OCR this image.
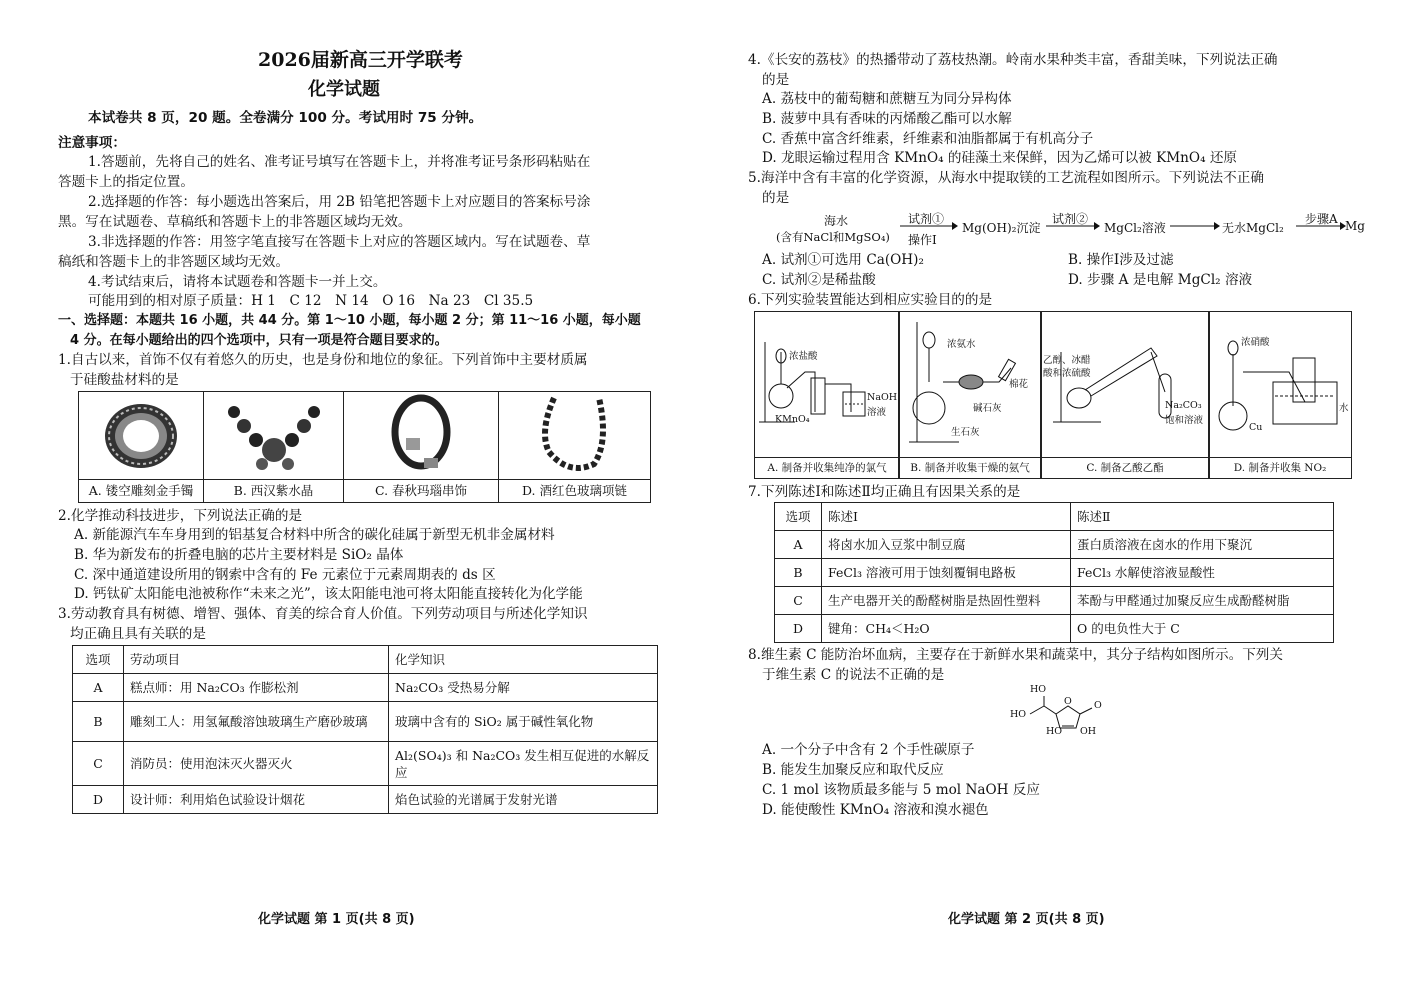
2026届新高三开学联考
化学试题
本试卷共 8 页，20 题。全卷满分 100 分。考试用时 75 分钟。
注意事项：
1.答题前，先将自己的姓名、准考证号填写在答题卡上，并将准考证号条形码粘贴在
答题卡上的指定位置。
2.选择题的作答：每小题选出答案后，用 2B 铅笔把答题卡上对应题目的答案标号涂
黑。写在试题卷、草稿纸和答题卡上的非答题区域均无效。
3.非选择题的作答：用签字笔直接写在答题卡上对应的答题区域内。写在试题卷、草
稿纸和答题卡上的非答题区域均无效。
4.考试结束后，请将本试题卷和答题卡一并上交。
可能用到的相对原子质量：H 1　C 12　N 14　O 16　Na 23　Cl 35.5
一、选择题：本题共 16 小题，共 44 分。第 1～10 小题，每小题 2 分；第 11～16 小题，每小题
4 分。在每小题给出的四个选项中，只有一项是符合题目要求的。
1.自古以来，首饰不仅有着悠久的历史，也是身份和地位的象征。下列首饰中主要材质属
于硅酸盐材料的是
A. 镂空雕刻金手镯	B. 西汉紫水晶	C. 春秋玛瑙串饰	D. 酒红色玻璃项链
2.化学推动科技进步，下列说法正确的是
A. 新能源汽车车身用到的铝基复合材料中所含的碳化硅属于新型无机非金属材料
B. 华为新发布的折叠电脑的芯片主要材料是 SiO₂ 晶体
C. 深中通道建设所用的钢索中含有的 Fe 元素位于元素周期表的 ds 区
D. 钙钛矿太阳能电池被称作“未来之光”，该太阳能电池可将太阳能直接转化为化学能
3.劳动教育具有树德、增智、强体、育美的综合育人价值。下列劳动项目与所述化学知识
均正确且具有关联的是
选项	劳动项目	化学知识
A	糕点师：用 Na₂CO₃ 作膨松剂	Na₂CO₃ 受热易分解
B	雕刻工人：用氢氟酸溶蚀玻璃生产磨砂玻璃	玻璃中含有的 SiO₂ 属于碱性氧化物
C	消防员：使用泡沫灭火器灭火	Al₂(SO₄)₃ 和 Na₂CO₃ 发生相互促进的水解反应
D	设计师：利用焰色试验设计烟花	焰色试验的光谱属于发射光谱
化学试题 第 1 页(共 8 页)
4.《长安的荔枝》的热播带动了荔枝热潮。岭南水果种类丰富，香甜美味，下列说法正确
的是
A. 荔枝中的葡萄糖和蔗糖互为同分异构体
B. 菠萝中具有香味的丙烯酸乙酯可以水解
C. 香蕉中富含纤维素，纤维素和油脂都属于有机高分子
D. 龙眼运输过程用含 KMnO₄ 的硅藻土来保鲜，因为乙烯可以被 KMnO₄ 还原
5.海洋中含有丰富的化学资源，从海水中提取镁的工艺流程如图所示。下列说法不正确
的是
海水
(含有NaCl和MgSO₄)
试剂①
操作Ⅰ
Mg(OH)₂沉淀
试剂②
MgCl₂溶液	无水MgCl₂
步骤A Mg
A. 试剂①可选用 Ca(OH)₂	B. 操作Ⅰ涉及过滤
C. 试剂②是稀盐酸	D. 步骤 A 是电解 MgCl₂ 溶液
6.下列实验装置能达到相应实验目的的是
浓盐酸
KMnO₄
NaOH
溶液
A. 制备并收集纯净的氯气
浓氨水
棉花
碱石灰
生石灰
B. 制备并收集干燥的氨气
乙醇、冰醋
酸和浓硫酸
Na₂CO₃
饱和溶液
C. 制备乙酸乙酯
浓硝酸
Cu
水
D. 制备并收集 NO₂
7.下列陈述Ⅰ和陈述Ⅱ均正确且有因果关系的是
选项	陈述Ⅰ	陈述Ⅱ
A	将卤水加入豆浆中制豆腐	蛋白质溶液在卤水的作用下聚沉
B	FeCl₃ 溶液可用于蚀刻覆铜电路板	FeCl₃ 水解使溶液显酸性
C	生产电器开关的酚醛树脂是热固性塑料	苯酚与甲醛通过加聚反应生成酚醛树脂
D	键角：CH₄＜H₂O	O 的电负性大于 C
8.维生素 C 能防治坏血病，主要存在于新鲜水果和蔬菜中，其分子结构如图所示。下列关
于维生素 C 的说法不正确的是
HO
HO
HO OH
O O
A. 一个分子中含有 2 个手性碳原子
B. 能发生加聚反应和取代反应
C. 1 mol 该物质最多能与 5 mol NaOH 反应
D. 能使酸性 KMnO₄ 溶液和溴水褪色
化学试题 第 2 页(共 8 页)
